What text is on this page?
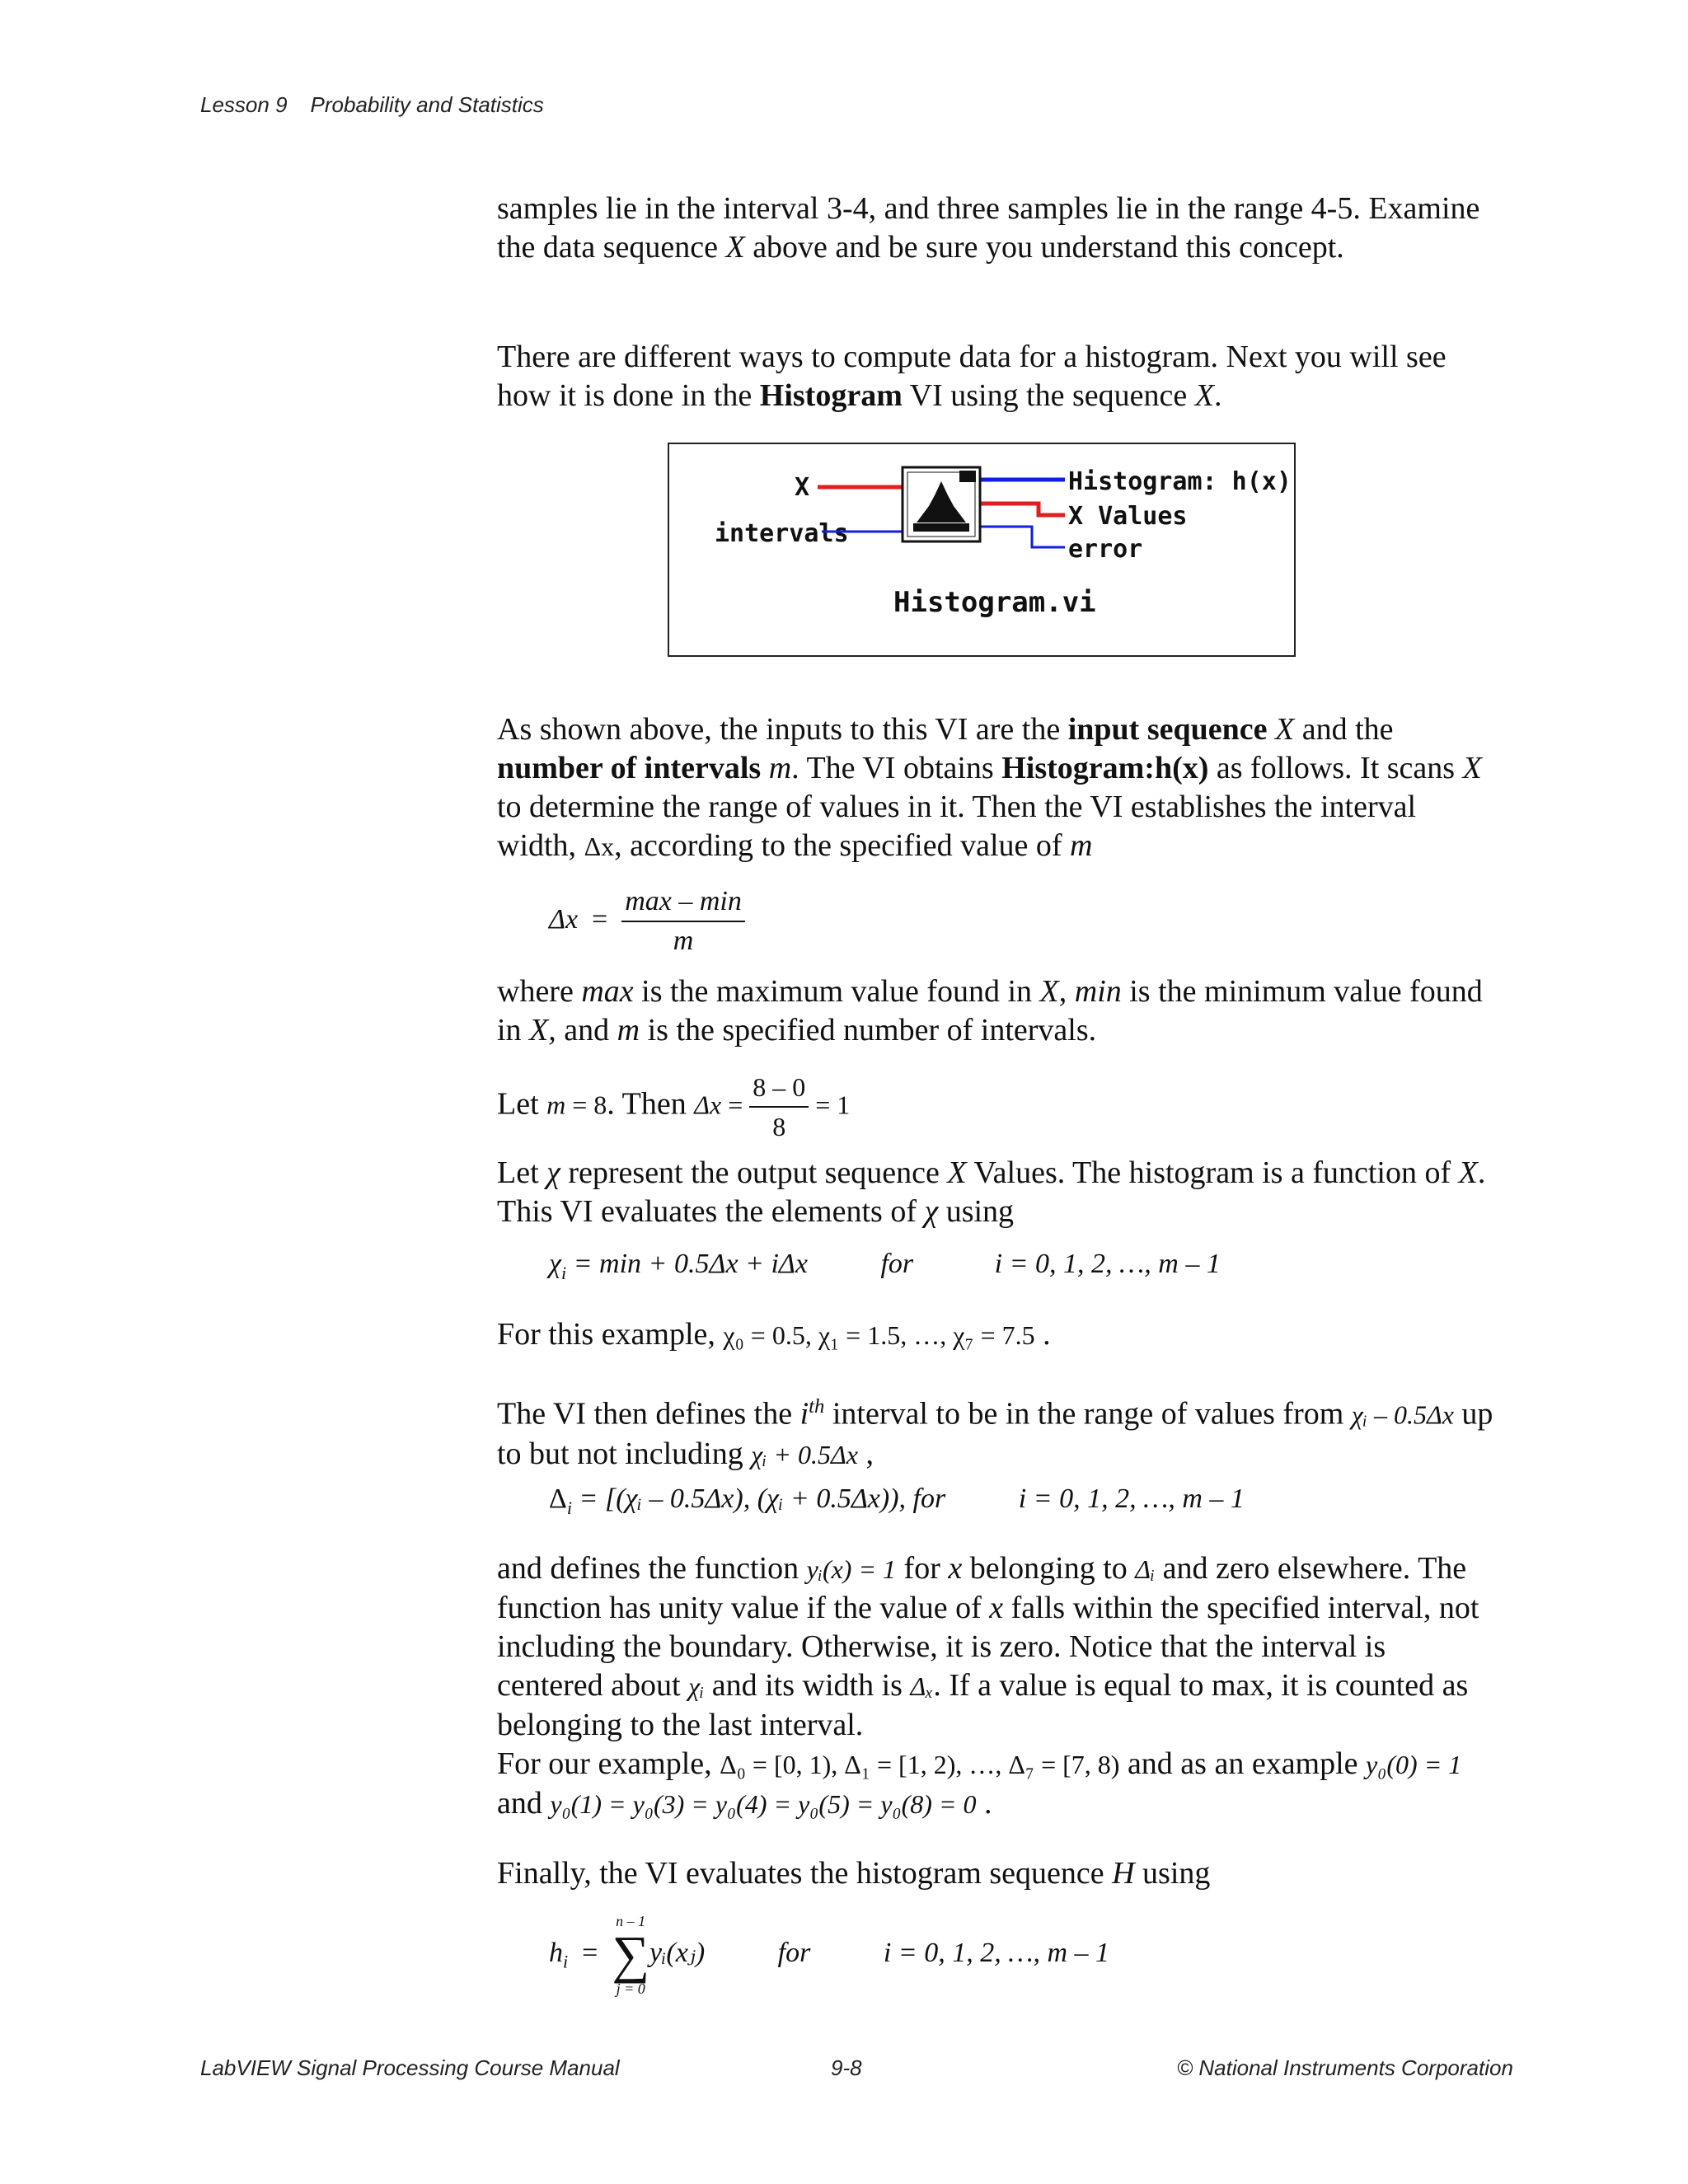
Lesson 9 Probability and Statistics

samples lie in the interval 3-4, and three samples lie in the range 4-5. Examine the data sequence X above and be sure you understand this concept.

There are different ways to compute data for a histogram. Next you will see how it is done in the Histogram VI using the sequence X.

X
intervals
Histogram: h(x)
X Values
error
Histogram.vi

As shown above, the inputs to this VI are the input sequence X and the number of intervals m. The VI obtains Histogram:h(x) as follows. It scans X to determine the range of values in it. Then the VI establishes the interval width, Δx, according to the specified value of m

$\Delta x = \frac{\max - \min}{m}$

where max is the maximum value found in X, min is the minimum value found in X, and m is the specified number of intervals.

Let m = 8. Then $\Delta x = \frac{8 - 0}{8} = 1$

Let χ represent the output sequence X Values. The histogram is a function of X. This VI evaluates the elements of χ using

$\chi_i = \min + 0.5\Delta x + i\Delta x$	for	i = 0, 1, 2, …, m – 1

For this example, χ₀ = 0.5, χ₁ = 1.5, …, χ₇ = 7.5 .

The VI then defines the $i^{th}$ interval to be in the range of values from χᵢ – 0.5Δx up to but not including χᵢ + 0.5Δx ,

$\Delta_i$ = [(χᵢ – 0.5Δx), (χᵢ + 0.5Δx)), for	i = 0, 1, 2, …, m – 1

and defines the function yᵢ(x) = 1 for x belonging to Δᵢ and zero elsewhere. The function has unity value if the value of x falls within the specified interval, not including the boundary. Otherwise, it is zero. Notice that the interval is centered about χᵢ and its width is Δₓ. If a value is equal to max, it is counted as belonging to the last interval.
For our example, Δ₀ = [0, 1), Δ₁ = [1, 2), …, Δ₇ = [7, 8) and as an example y₀(0) = 1 and y₀(1) = y₀(3) = y₀(4) = y₀(5) = y₀(8) = 0 .

Finally, the VI evaluates the histogram sequence H using

$h_i$ =
n – 1
∑
j = 0
yᵢ(xⱼ)	for	i = 0, 1, 2, …, m – 1
LabVIEW Signal Processing Course Manual	9-8	© National Instruments Corporation
